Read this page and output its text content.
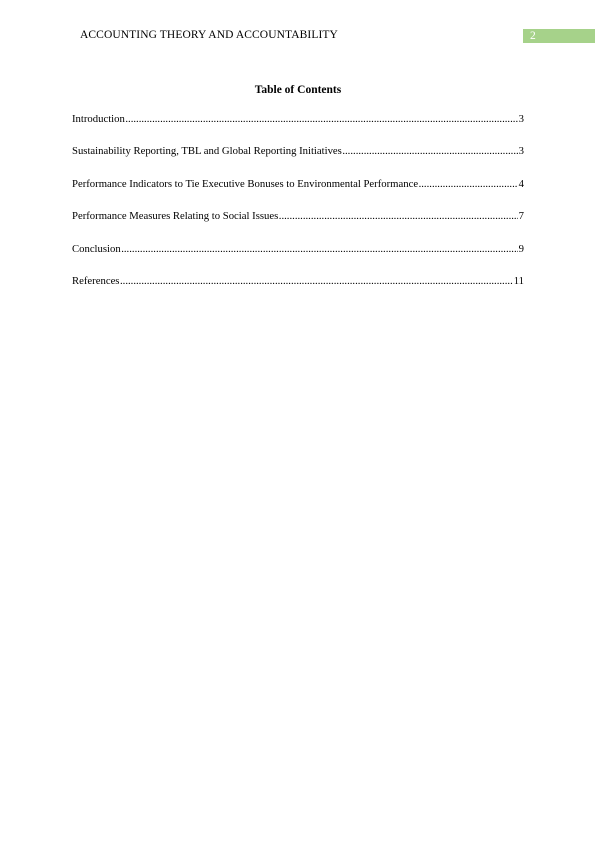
ACCOUNTING THEORY AND ACCOUNTABILITY	2
Table of Contents
Introduction .....	3
Sustainability Reporting, TBL and Global Reporting Initiatives .....	3
Performance Indicators to Tie Executive Bonuses to Environmental Performance .....	4
Performance Measures Relating to Social Issues .....	7
Conclusion .....	9
References .....	11
